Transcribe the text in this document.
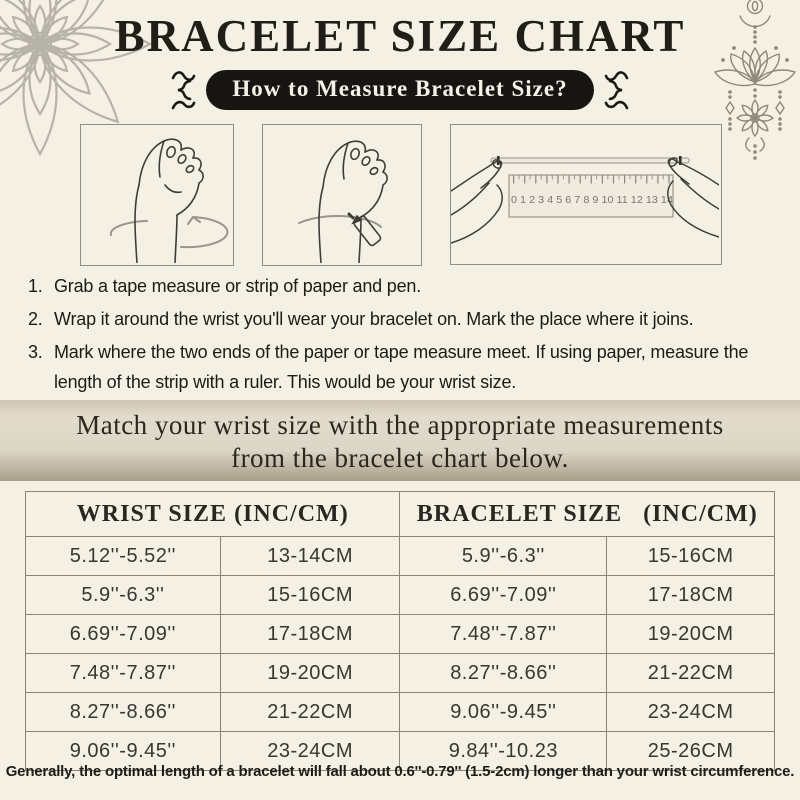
BRACELET SIZE CHART
How to Measure Bracelet Size?
0 1 2 3 4 5 6 7 8 9 10 11 12 13 14
1. Grab a tape measure or strip of paper and pen.
2. Wrap it around the wrist you'll wear your bracelet on. Mark the place where it joins.
3. Mark where the two ends of the paper or tape measure meet. If using paper, measure the length of the strip with a ruler. This would be your wrist size.
Match your wrist size with the appropriate measurements
from the bracelet chart below.
WRIST SIZE (INC/CM)		BRACELET SIZE   (INC/CM)	
5.12''-5.52''	13-14CM	5.9''-6.3''	15-16CM
5.9''-6.3''	15-16CM	6.69''-7.09''	17-18CM
6.69''-7.09''	17-18CM	7.48''-7.87''	19-20CM
7.48''-7.87''	19-20CM	8.27''-8.66''	21-22CM
8.27''-8.66''	21-22CM	9.06''-9.45''	23-24CM
9.06''-9.45''	23-24CM	9.84''-10.23	25-26CM
Generally, the optimal length of a bracelet will fall about 0.6''-0.79'' (1.5-2cm) longer than your wrist circumference.
